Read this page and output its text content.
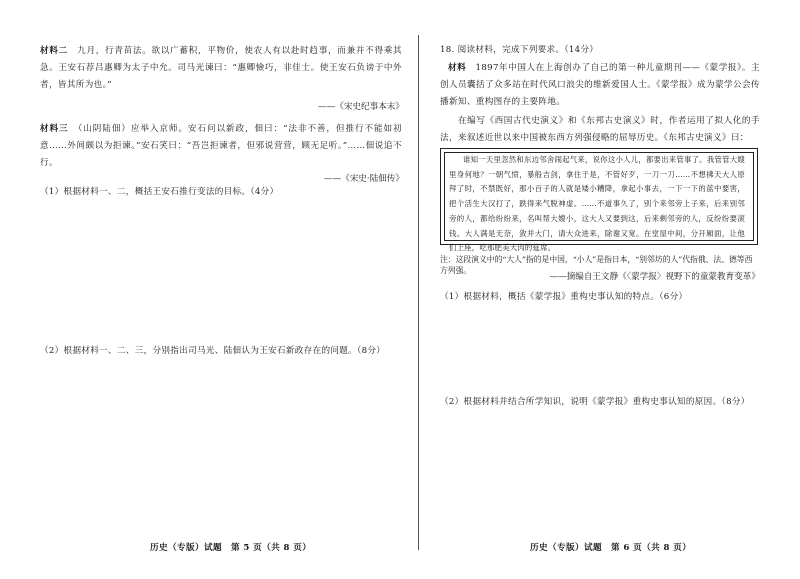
材料二　 九月，行青苗法。欲以广蓄积，平物价，使农人有以赴时趋事，而兼并不得乘其急。王安石荐吕惠卿为太子中允。司马光谏曰：“惠卿憸巧，非佳士。使王安石负谤于中外者，皆其所为也。”

——《宋史纪事本末》

材料三　 （山阴陆佃）应举入京师。安石问以新政，佃曰：“法非不善，但推行不能如初意……外间颇以为拒谏。”安石笑曰：“吾岂拒谏者，但邪说营营，顾无足听。”……佃说追不行。

——《宋史·陆佃传》

（1）根据材料一、二，概括王安石推行变法的目标。（4分）

（2）根据材料一、二、三，分别指出司马光、陆佃认为王安石新政存在的问题。（8分）

历史（专版）试题　第 5 页（共 8 页）

18. 阅读材料，完成下列要求。（14分）

材料　 1897年中国人在上海创办了自己的第一种儿童期刊——《蒙学报》。主创人员囊括了众多站在时代风口浪尖的维新爱国人士。《蒙学报》成为蒙学公会传播新知、重构图存的主要阵地。

在编写《西国古代史演义》和《东邦古史演义》时，作者运用了拟人化的手法，来叙述近世以来中国被东西方列强侵略的屈辱历史。《东邦古史演义》曰：

谁知一天里忽然和东边邻舍闹起气来，说你这小人儿，都要出来管事了。我管管大嫂里身何地？一朝气愤，暴般吉剑，拿住于是，不管好歹，一刀一刀……不想拂天大人原拜了时，不禁既好，那小百子的人就是矮小糟降，拿起小事去，一下一下的蓝中要害，把个活生大汉打了，跌得来气脱神虚。……不道事久了，别个来邻旁上子来，后来别邻旁的人，都给纷纷来，名叫帮大嫂小，这大人又要到这，后来剩邻旁的人，反纷纷要滚钱。大人满是无奈，敛并大门，请大众进来，除谢又宽。在堂屋中间，分开厢面，让他们上座，吃那肥美大肉的筵席。

注：这段演义中的“大人”指的是中国，“小人”是指日本，“别邻坊的人”代指俄、法、德等西方列强。

——摘编自王文静《〈蒙学报〉视野下的童蒙教育变革》

（1）根据材料，概括《蒙学报》重构史事认知的特点。（6分）

（2）根据材料并结合所学知识，说明《蒙学报》重构史事认知的原因。（8分）

历史（专版）试题　第 6 页（共 8 页）
